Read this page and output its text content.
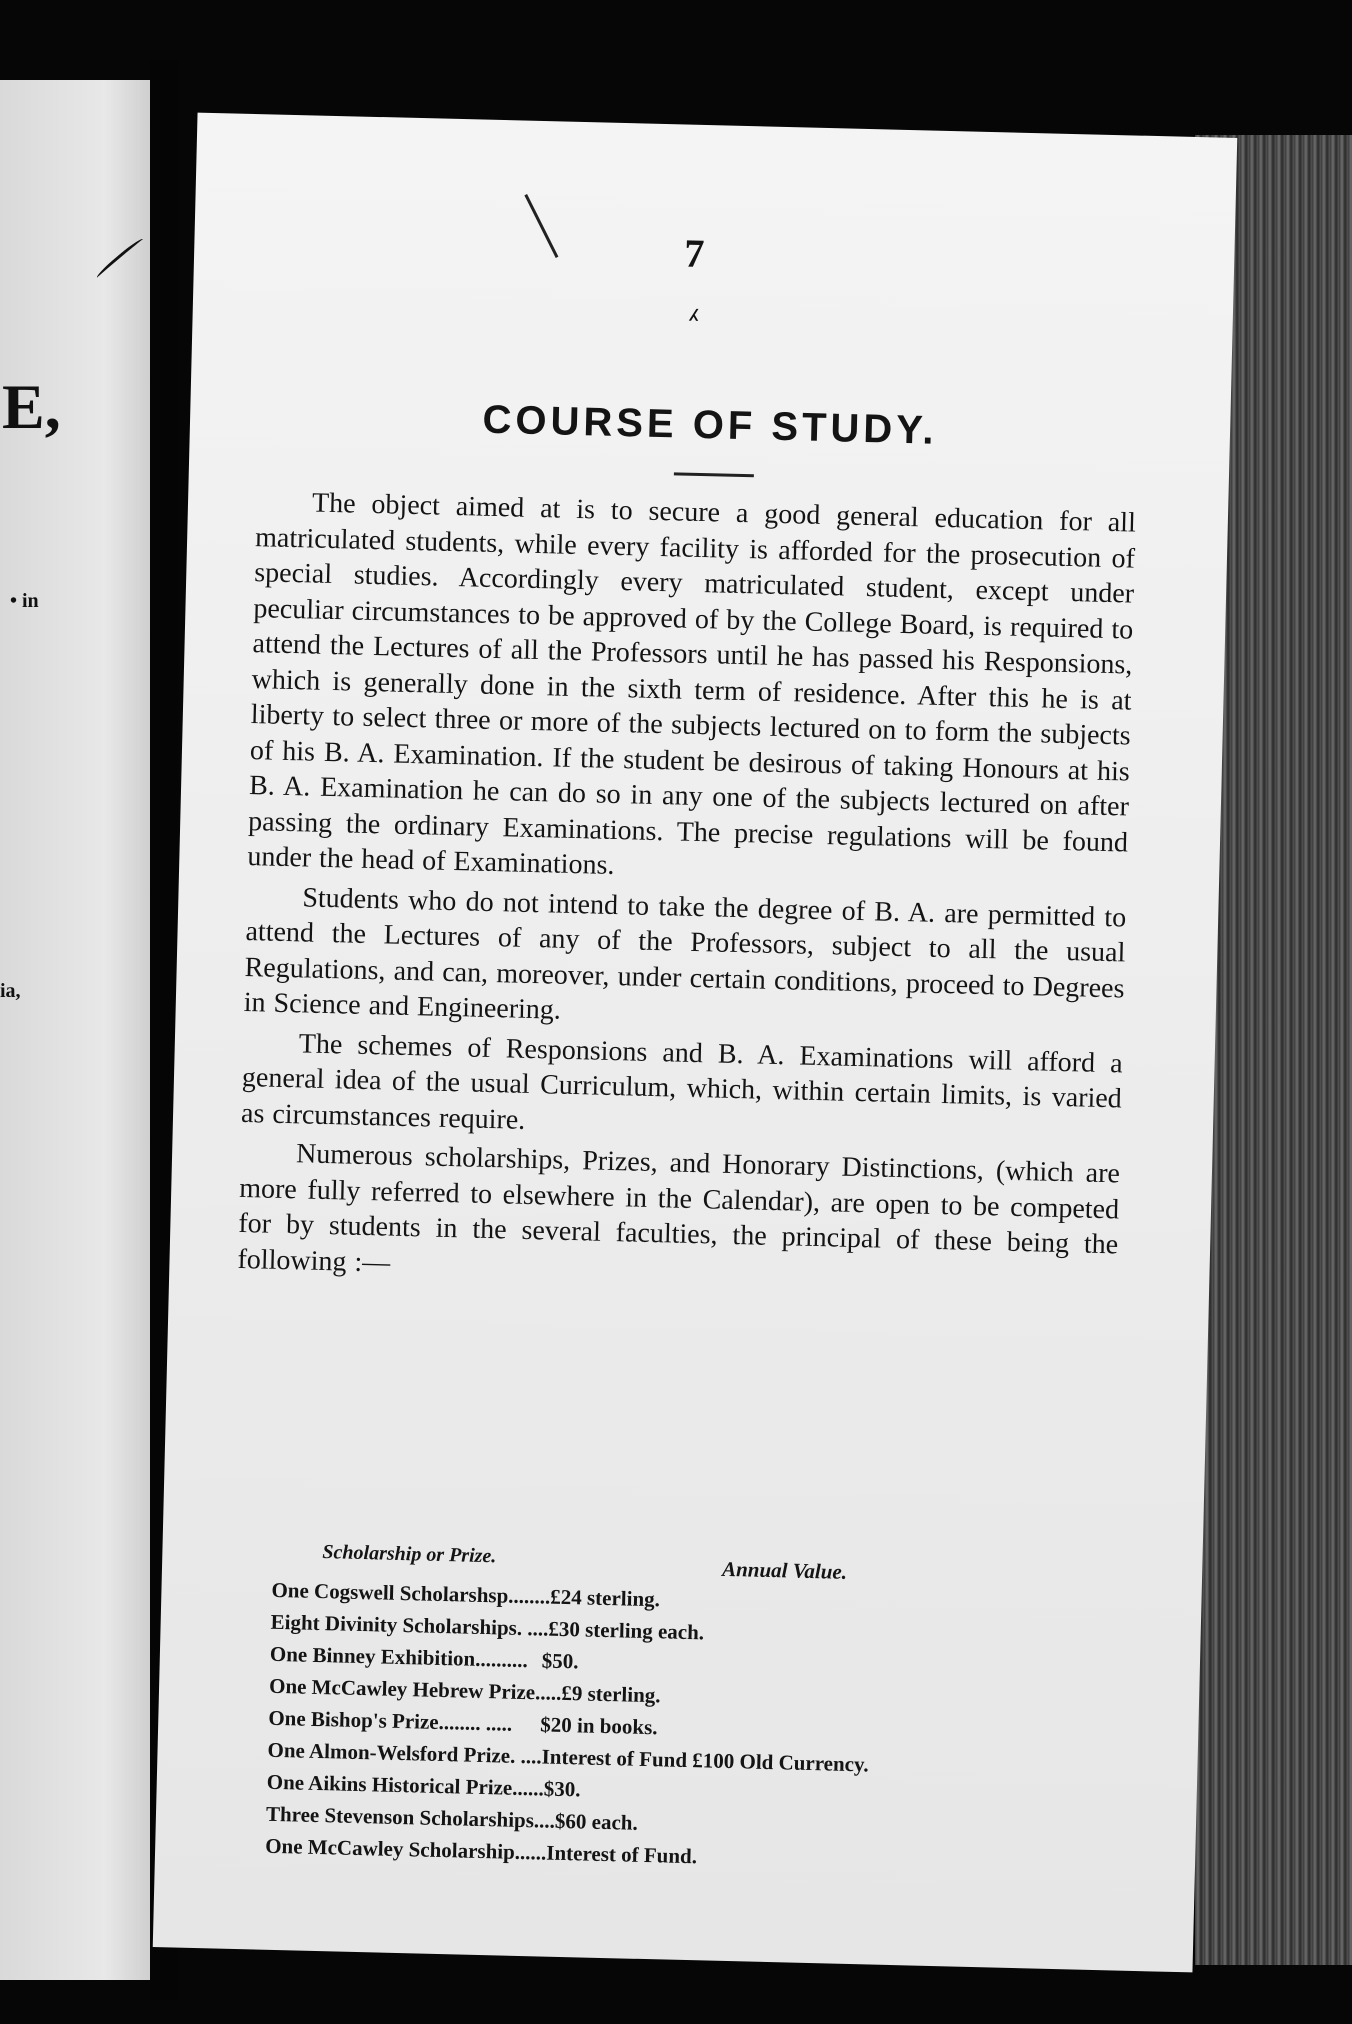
E,
• in
ia,
7
⁁
COURSE OF STUDY.

The object aimed at is to secure a good general education for all matriculated students, while every facility is afforded for the prosecution of special studies. Accordingly every matriculated student, except under peculiar circumstances to be approved of by the College Board, is required to attend the Lectures of all the Professors until he has passed his Responsions, which is generally done in the sixth term of residence. After this he is at liberty to select three or more of the subjects lectured on to form the subjects of his B. A. Examination. If the student be desirous of taking Honours at his B. A. Examination he can do so in any one of the subjects lectured on after passing the ordinary Examinations. The precise regulations will be found under the head of Examinations.

Students who do not intend to take the degree of B. A. are permitted to attend the Lectures of any of the Professors, subject to all the usual Regulations, and can, moreover, under certain conditions, proceed to Degrees in Science and Engineering.

The schemes of Responsions and B. A. Examinations will afford a general idea of the usual Curriculum, which, within certain limits, is varied as circumstances require.

Numerous scholarships, Prizes, and Honorary Distinctions, (which are more fully referred to elsewhere in the Calendar), are open to be competed for by students in the several faculties, the principal of these being the following :—

Scholarship or Prize.
Annual Value.
One Cogswell Scholarshsp........ £24 sterling.
Eight Divinity Scholarships. .... £30 sterling each.
One Binney Exhibition.......... $50.
One McCawley Hebrew Prize..... £9 sterling.
One Bishop's Prize........ .....	$20 in books.
One Almon-Welsford Prize. .... Interest of Fund £100 Old Currency.
One Aikins Historical Prize...... $30.
Three Stevenson Scholarships.... $60 each.
One McCawley Scholarship...... Interest of Fund.
